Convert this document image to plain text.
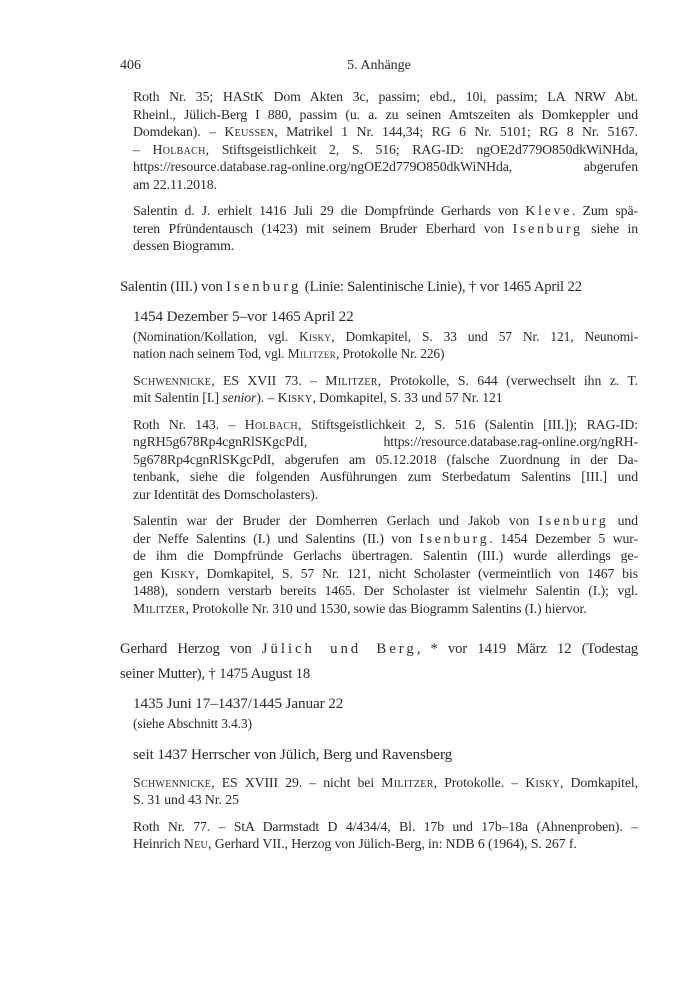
406	5. Anhänge
Roth Nr. 35; HAStK Dom Akten 3c, passim; ebd., 10i, passim; LA NRW Abt.
Rheinl., Jülich-Berg I 880, passim (u. a. zu seinen Amtszeiten als Domkeppler und
Domdekan). – Keussen, Matrikel 1 Nr. 144,34; RG 6 Nr. 5101; RG 8 Nr. 5167.
– Holbach, Stiftsgeistlichkeit 2, S. 516; RAG-ID: ngOE2d779O850dkWiNHda,
https://resource.database.rag-online.org/ngOE2d779O850dkWiNHda, abgerufen
am 22.11.2018.
Salentin d. J. erhielt 1416 Juli 29 die Dompfründe Gerhards von Kleve. Zum spä-
teren Pfründentausch (1423) mit seinem Bruder Eberhard von Isenburg siehe in
dessen Biogramm.
Salentin (III.) von Isenburg (Linie: Salentinische Linie), † vor 1465 April 22
1454 Dezember 5–vor 1465 April 22
(Nomination/Kollation, vgl. Kisky, Domkapitel, S. 33 und 57 Nr. 121, Neunomi-
nation nach seinem Tod, vgl. Militzer, Protokolle Nr. 226)
Schwennicke, ES XVII 73. – Militzer, Protokolle, S. 644 (verwechselt ihn z. T.
mit Salentin [I.] senior). – Kisky, Domkapitel, S. 33 und 57 Nr. 121
Roth Nr. 143. – Holbach, Stiftsgeistlichkeit 2, S. 516 (Salentin [III.]); RAG-ID:
ngRH5g678Rp4cgnRlSKgcPdI, https://resource.database.rag-online.org/ngRH-
5g678Rp4cgnRlSKgcPdI, abgerufen am 05.12.2018 (falsche Zuordnung in der Da-
tenbank, siehe die folgenden Ausführungen zum Sterbedatum Salentins [III.] und
zur Identität des Domscholasters).
Salentin war der Bruder der Domherren Gerlach und Jakob von Isenburg und
der Neffe Salentins (I.) und Salentins (II.) von Isenburg. 1454 Dezember 5 wur-
de ihm die Dompfründe Gerlachs übertragen. Salentin (III.) wurde allerdings ge-
gen Kisky, Domkapitel, S. 57 Nr. 121, nicht Scholaster (vermeintlich von 1467 bis
1488), sondern verstarb bereits 1465. Der Scholaster ist vielmehr Salentin (I.); vgl.
Militzer, Protokolle Nr. 310 und 1530, sowie das Biogramm Salentins (I.) hiervor.
Gerhard Herzog von Jülich und Berg, * vor 1419 März 12 (Todestag
seiner Mutter), † 1475 August 18
1435 Juni 17–1437/1445 Januar 22
(siehe Abschnitt 3.4.3)
seit 1437 Herrscher von Jülich, Berg und Ravensberg
Schwennicke, ES XVIII 29. – nicht bei Militzer, Protokolle. – Kisky, Domkapitel,
S. 31 und 43 Nr. 25
Roth Nr. 77. – StA Darmstadt D 4/434/4, Bl. 17b und 17b–18a (Ahnenproben). –
Heinrich Neu, Gerhard VII., Herzog von Jülich-Berg, in: NDB 6 (1964), S. 267 f.
